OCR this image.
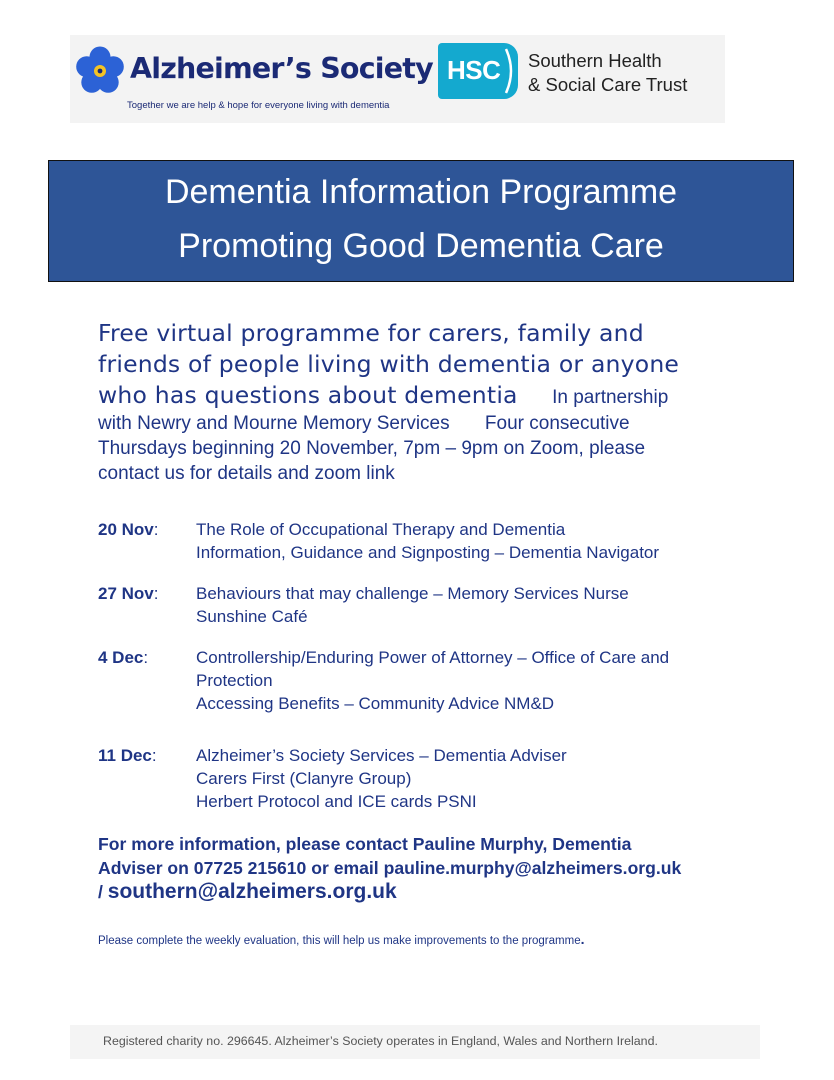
Alzheimer’s Society
Together we are help & hope for everyone living with dementia
HSC Southern Health
& Social Care Trust
Dementia Information Programme
Promoting Good Dementia Care
Free virtual programme for carers, family and
friends of people living with dementia or anyone
who has questions about dementia In partnership
with Newry and Mourne Memory Services Four consecutive
Thursdays beginning 20 November, 7pm – 9pm on Zoom, please
contact us for details and zoom link
20 Nov: The Role of Occupational Therapy and Dementia
Information, Guidance and Signposting – Dementia Navigator
27 Nov: Behaviours that may challenge – Memory Services Nurse
Sunshine Café
4 Dec:	Controllership/Enduring Power of Attorney – Office of Care and Protection
Accessing Benefits – Community Advice NM&D
11 Dec: Alzheimer’s Society Services – Dementia Adviser
Carers First (Clanyre Group)
Herbert Protocol and ICE cards PSNI
For more information, please contact Pauline Murphy, Dementia
Adviser on 07725 215610 or email pauline.murphy@alzheimers.org.uk
/ southern@alzheimers.org.uk
Please complete the weekly evaluation, this will help us make improvements to the programme.
Registered charity no. 296645. Alzheimer’s Society operates in England, Wales and Northern Ireland.
